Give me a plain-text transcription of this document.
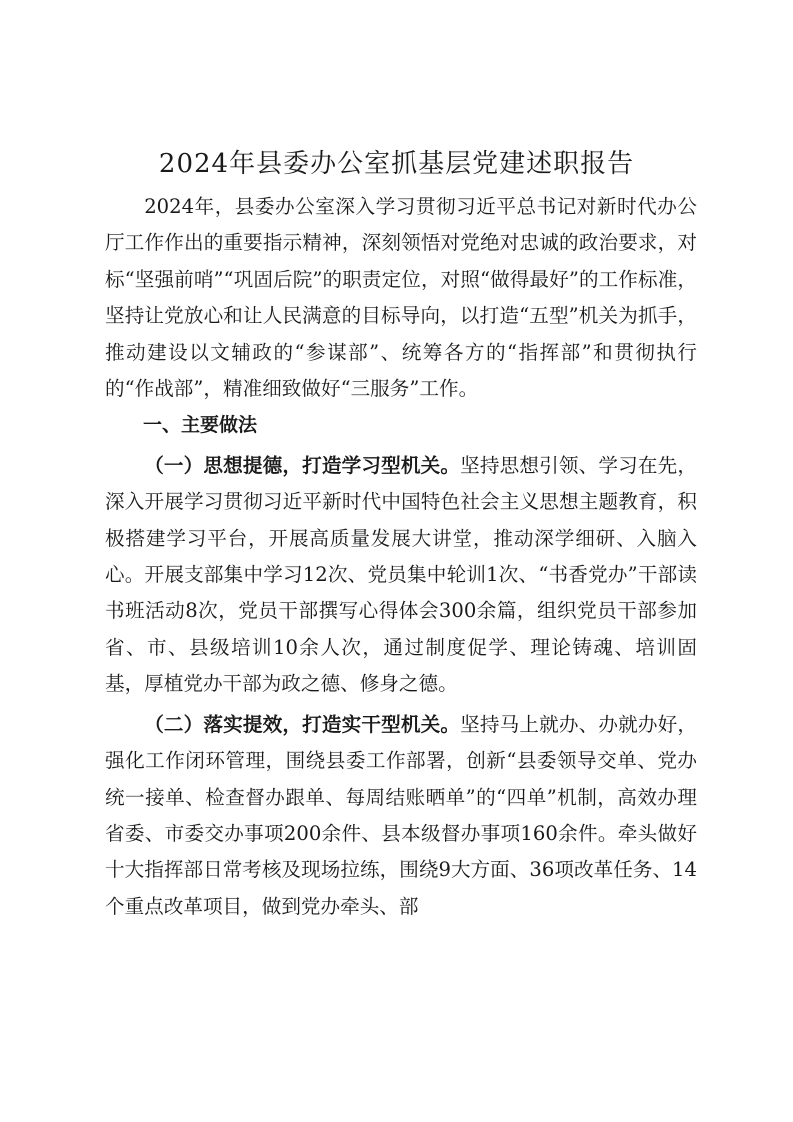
2024年县委办公室抓基层党建述职报告

2024年，县委办公室深入学习贯彻习近平总书记对新时代办公厅工作作出的重要指示精神，深刻领悟对党绝对忠诚的政治要求，对标“坚强前哨”“巩固后院”的职责定位，对照“做得最好”的工作标准，坚持让党放心和让人民满意的目标导向，以打造“五型”机关为抓手，推动建设以文辅政的“参谋部”、统筹各方的“指挥部”和贯彻执行的“作战部”，精准细致做好“三服务”工作。

一、主要做法

（一）思想提德，打造学习型机关。坚持思想引领、学习在先，深入开展学习贯彻习近平新时代中国特色社会主义思想主题教育，积极搭建学习平台，开展高质量发展大讲堂，推动深学细研、入脑入心。开展支部集中学习12次、党员集中轮训1次、“书香党办”干部读书班活动8次，党员干部撰写心得体会300余篇，组织党员干部参加省、市、县级培训10余人次，通过制度促学、理论铸魂、培训固基，厚植党办干部为政之德、修身之德。

（二）落实提效，打造实干型机关。坚持马上就办、办就办好，强化工作闭环管理，围绕县委工作部署，创新“县委领导交单、党办统一接单、检查督办跟单、每周结账晒单”的“四单”机制，高效办理省委、市委交办事项200余件、县本级督办事项160余件。牵头做好十大指挥部日常考核及现场拉练，围绕9大方面、36项改革任务、14个重点改革项目，做到党办牵头、部
